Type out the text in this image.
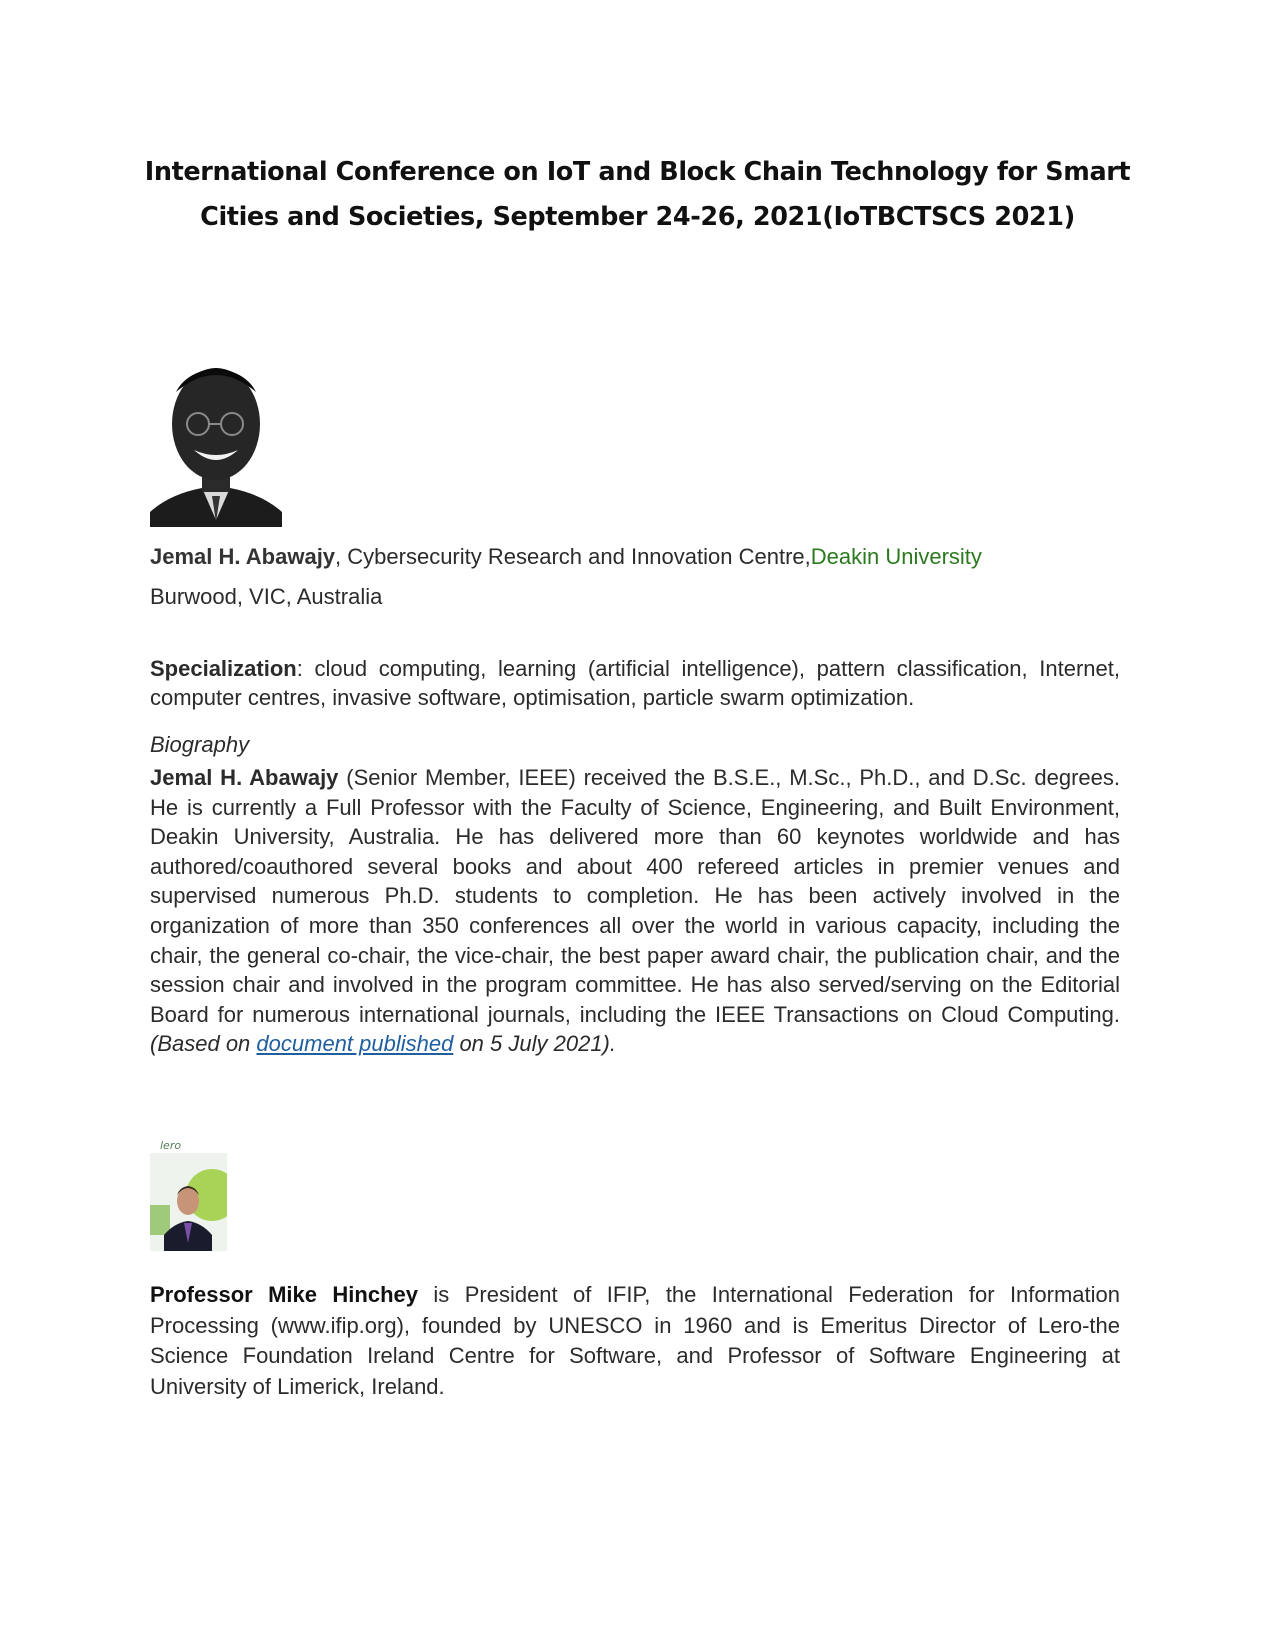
International Conference on IoT and Block Chain Technology for Smart Cities and Societies, September 24-26, 2021(IoTBCTSCS 2021)

Jemal H. Abawajy, Cybersecurity Research and Innovation Centre,Deakin University

Burwood, VIC, Australia

Specialization: cloud computing, learning (artificial intelligence), pattern classification, Internet, computer centres, invasive software, optimisation, particle swarm optimization.

Biography

Jemal H. Abawajy (Senior Member, IEEE) received the B.S.E., M.Sc., Ph.D., and D.Sc. degrees. He is currently a Full Professor with the Faculty of Science, Engineering, and Built Environment, Deakin University, Australia. He has delivered more than 60 keynotes worldwide and has authored/coauthored several books and about 400 refereed articles in premier venues and supervised numerous Ph.D. students to completion. He has been actively involved in the organization of more than 350 conferences all over the world in various capacity, including the chair, the general co-chair, the vice-chair, the best paper award chair, the publication chair, and the session chair and involved in the program committee. He has also served/serving on the Editorial Board for numerous international journals, including the IEEE Transactions on Cloud Computing. (Based on document published on 5 July 2021).

lero

Professor Mike Hinchey is President of IFIP, the International Federation for Information Processing (www.ifip.org), founded by UNESCO in 1960 and is Emeritus Director of Lero-the Science Foundation Ireland Centre for Software, and Professor of Software Engineering at University of Limerick, Ireland.
